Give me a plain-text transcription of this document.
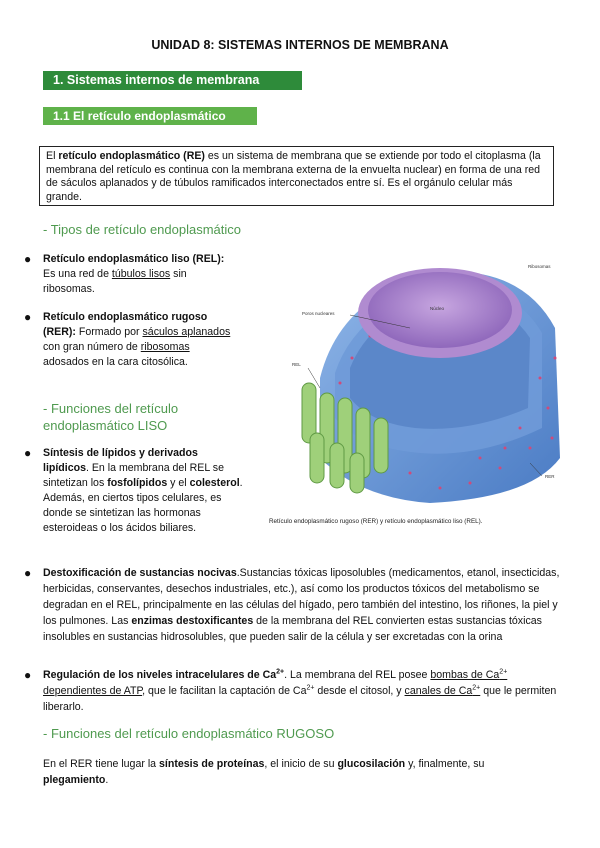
UNIDAD 8: SISTEMAS INTERNOS DE MEMBRANA
1. Sistemas internos de membrana
1.1 El retículo endoplasmático
El retículo endoplasmático (RE) es un sistema de membrana que se extiende por todo el citoplasma (la membrana del retículo es continua con la membrana externa de la envuelta nuclear) en forma de una red de sáculos aplanados y de túbulos ramificados interconectados entre sí. Es el orgánulo celular más grande.
- Tipos de retículo endoplasmático
● Retículo endoplasmático liso (REL): Es una red de túbulos lisos sin ribosomas.
● Retículo endoplasmático rugoso (RER): Formado por sáculos aplanados con gran número de ribosomas adosados en la cara citosólica.
- Funciones del retículo endoplasmático LISO
● Síntesis de lípidos y derivados lipídicos. En la membrana del REL se sintetizan los fosfolípidos y el colesterol. Además, en ciertos tipos celulares, es donde se sintetizan las hormonas esteroideas o los ácidos biliares.
Ribosomas
Núcleo
Poros nucleares
REL
RER
Retículo endoplasmático rugoso (RER) y retículo endoplasmático liso (REL).
● Destoxificación de sustancias nocivas.Sustancias tóxicas liposolubles (medicamentos, etanol, insecticidas, herbicidas, conservantes, desechos industriales, etc.), así como los productos tóxicos del metabolismo se degradan en el REL, principalmente en las células del hígado, pero también del intestino, los riñones, la piel y los pulmones. Las enzimas destoxificantes de la membrana del REL convierten estas sustancias tóxicas insolubles en sustancias hidrosolubles, que pueden salir de la célula y ser excretadas con la orina
● Regulación de los niveles intracelulares de $Ca^{2+}$. La membrana del REL posee bombas de $Ca^{2+}$ dependientes de ATP, que le facilitan la captación de $Ca^{2+}$ desde el citosol, y canales de $Ca^{2+}$ que le permiten liberarlo.
- Funciones del retículo endoplasmático RUGOSO
En el RER tiene lugar la síntesis de proteínas, el inicio de su glucosilación y, finalmente, su plegamiento.
